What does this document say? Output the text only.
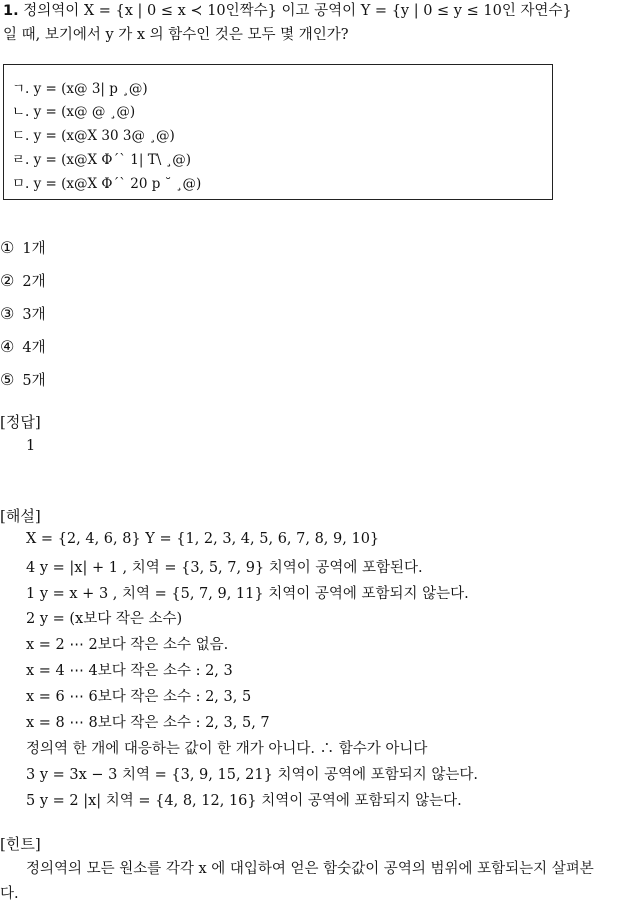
1. 정의역이 X = {x | 0 ≤ x ≺ 10인짝수} 이고 공역이 Y = {y | 0 ≤ y ≤ 10인 자연수}
일 때, 보기에서 y 가 x 의 함수인 것은 모두 몇 개인가?
ㄱ. y = (x@ 3| p ¸@)
ㄴ. y = (x@ @ ¸@)
ㄷ. y = (x@X 30 3@ ¸@)
ㄹ. y = (x@X Φ´` 1| T\ ¸@)
ㅁ. y = (x@X Φ´` 20 p ˘ ¸@)
① 1개
② 2개
③ 3개
④ 4개
⑤ 5개
[정답]
1
[해설]
X = {2, 4, 6, 8} Y = {1, 2, 3, 4, 5, 6, 7, 8, 9, 10}
4 y = |x| + 1 , 치역 = {3, 5, 7, 9} 치역이 공역에 포함된다.
1 y = x + 3 , 치역 = {5, 7, 9, 11} 치역이 공역에 포함되지 않는다.
2 y = (x보다 작은 소수)
x = 2 ⋯ 2보다 작은 소수 없음.
x = 4 ⋯ 4보다 작은 소수 : 2, 3
x = 6 ⋯ 6보다 작은 소수 : 2, 3, 5
x = 8 ⋯ 8보다 작은 소수 : 2, 3, 5, 7
정의역 한 개에 대응하는 값이 한 개가 아니다. ∴ 함수가 아니다
3 y = 3x − 3 치역 = {3, 9, 15, 21} 치역이 공역에 포함되지 않는다.
5 y = 2 |x| 치역 = {4, 8, 12, 16} 치역이 공역에 포함되지 않는다.
[힌트]
정의역의 모든 원소를 각각 x 에 대입하여 얻은 함숫값이 공역의 범위에 포함되는지 살펴본다.
